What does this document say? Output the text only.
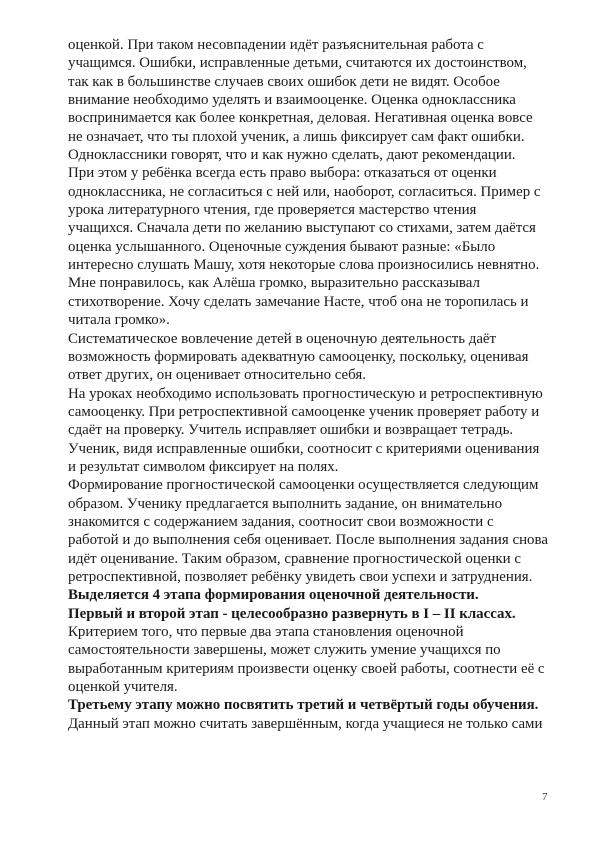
оценкой. При таком несовпадении идёт разъяснительная работа с
учащимся. Ошибки, исправленные детьми, считаются их достоинством,
так как в большинстве случаев своих ошибок дети не видят. Особое
внимание необходимо уделять и взаимооценке. Оценка одноклассника
воспринимается как более конкретная, деловая. Негативная оценка вовсе
не означает, что ты плохой ученик, а лишь фиксирует сам факт ошибки.
Одноклассники говорят, что и как нужно сделать, дают рекомендации.
При этом у ребёнка всегда есть право выбора: отказаться от оценки
одноклассника, не согласиться с ней или, наоборот, согласиться. Пример с
урока литературного чтения, где проверяется мастерство чтения
учащихся. Сначала дети по желанию выступают со стихами, затем даётся
оценка услышанного. Оценочные суждения бывают разные: «Было
интересно слушать Машу, хотя некоторые слова произносились невнятно.
Мне понравилось, как Алёша громко, выразительно рассказывал
стихотворение. Хочу сделать замечание Насте, чтоб она не торопилась и
читала громко».
Систематическое вовлечение детей в оценочную деятельность даёт
возможность формировать адекватную самооценку, поскольку, оценивая
ответ других, он оценивает относительно себя.
На уроках необходимо использовать прогностическую и ретроспективную
самооценку. При ретроспективной самооценке ученик проверяет работу и
сдаёт на проверку. Учитель исправляет ошибки и возвращает тетрадь.
Ученик, видя исправленные ошибки, соотносит с критериями оценивания
и результат символом фиксирует на полях.
Формирование прогностической самооценки осуществляется следующим
образом. Ученику предлагается выполнить задание, он внимательно
знакомится с содержанием задания, соотносит свои возможности с
работой и до выполнения себя оценивает. После выполнения задания снова
идёт оценивание. Таким образом, сравнение прогностической оценки с
ретроспективной, позволяет ребёнку увидеть свои успехи и затруднения.
Выделяется 4 этапа формирования оценочной деятельности.
Первый и второй этап - целесообразно развернуть в I – II классах.
Критерием того, что первые два этапа становления оценочной
самостоятельности завершены, может служить умение учащихся по
выработанным критериям произвести оценку своей работы, соотнести её с
оценкой учителя.
Третьему этапу можно посвятить третий и четвёртый годы обучения.
Данный этап можно считать завершённым, когда учащиеся не только сами
7
